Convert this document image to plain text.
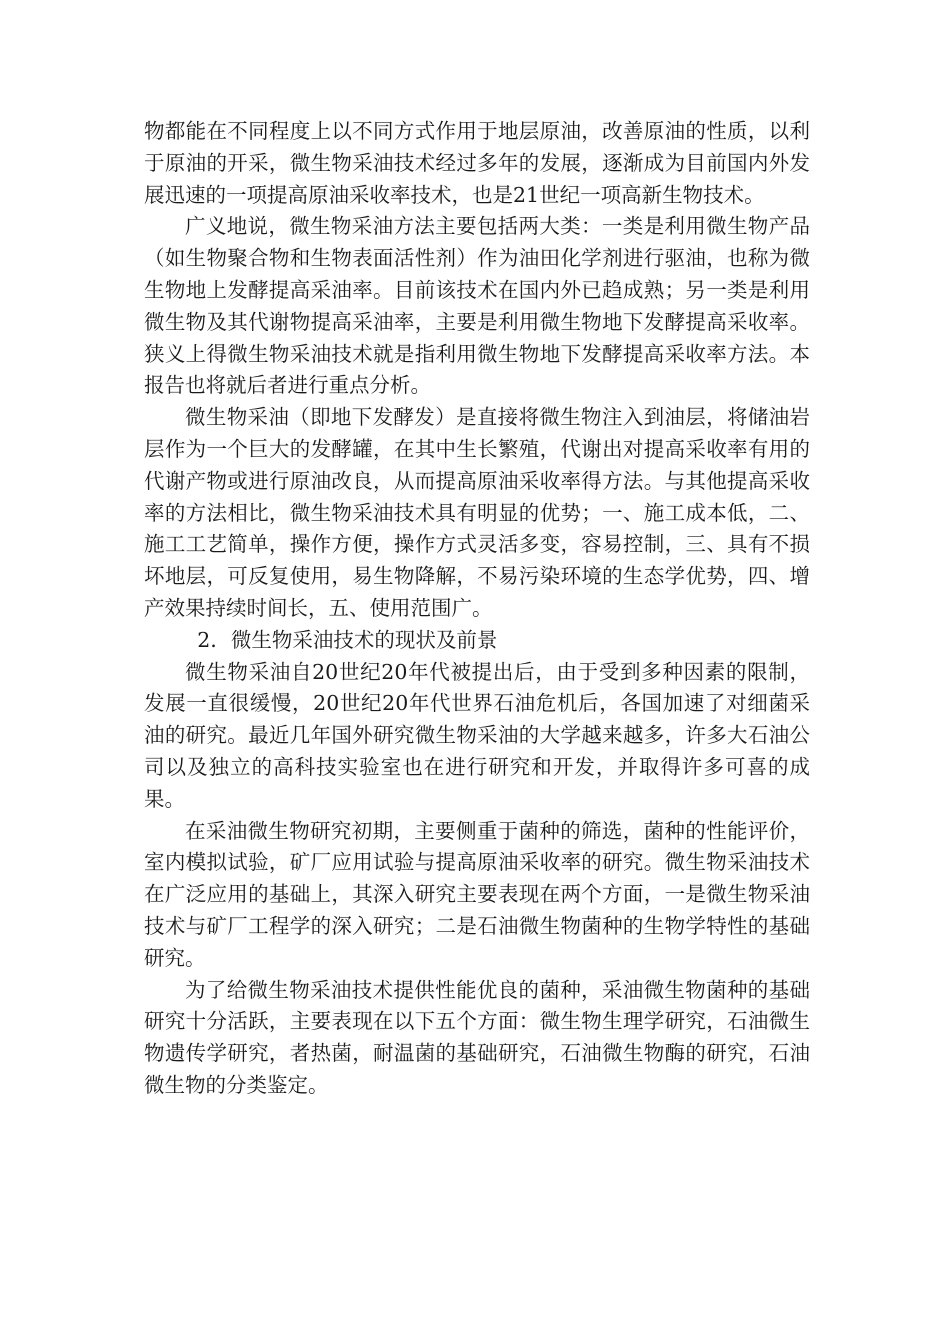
物都能在不同程度上以不同方式作用于地层原油，改善原油的性质，以利于原油的开采，微生物采油技术经过多年的发展，逐渐成为目前国内外发展迅速的一项提高原油采收率技术，也是21世纪一项高新生物技术。

广义地说，微生物采油方法主要包括两大类：一类是利用微生物产品（如生物聚合物和生物表面活性剂）作为油田化学剂进行驱油，也称为微生物地上发酵提高采油率。目前该技术在国内外已趋成熟；另一类是利用微生物及其代谢物提高采油率，主要是利用微生物地下发酵提高采收率。狭义上得微生物采油技术就是指利用微生物地下发酵提高采收率方法。本报告也将就后者进行重点分析。

微生物采油（即地下发酵发）是直接将微生物注入到油层，将储油岩层作为一个巨大的发酵罐，在其中生长繁殖，代谢出对提高采收率有用的代谢产物或进行原油改良，从而提高原油采收率得方法。与其他提高采收率的方法相比，微生物采油技术具有明显的优势；一、施工成本低，二、施工工艺简单，操作方便，操作方式灵活多变，容易控制，三、具有不损坏地层，可反复使用，易生物降解，不易污染环境的生态学优势，四、增产效果持续时间长，五、使用范围广。

2．微生物采油技术的现状及前景

微生物采油自20世纪20年代被提出后，由于受到多种因素的限制，发展一直很缓慢，20世纪20年代世界石油危机后，各国加速了对细菌采油的研究。最近几年国外研究微生物采油的大学越来越多，许多大石油公司以及独立的高科技实验室也在进行研究和开发，并取得许多可喜的成果。

在采油微生物研究初期，主要侧重于菌种的筛选，菌种的性能评价，室内模拟试验，矿厂应用试验与提高原油采收率的研究。微生物采油技术在广泛应用的基础上，其深入研究主要表现在两个方面，一是微生物采油技术与矿厂工程学的深入研究；二是石油微生物菌种的生物学特性的基础研究。

为了给微生物采油技术提供性能优良的菌种，采油微生物菌种的基础研究十分活跃，主要表现在以下五个方面：微生物生理学研究，石油微生物遗传学研究，者热菌，耐温菌的基础研究，石油微生物酶的研究，石油微生物的分类鉴定。
